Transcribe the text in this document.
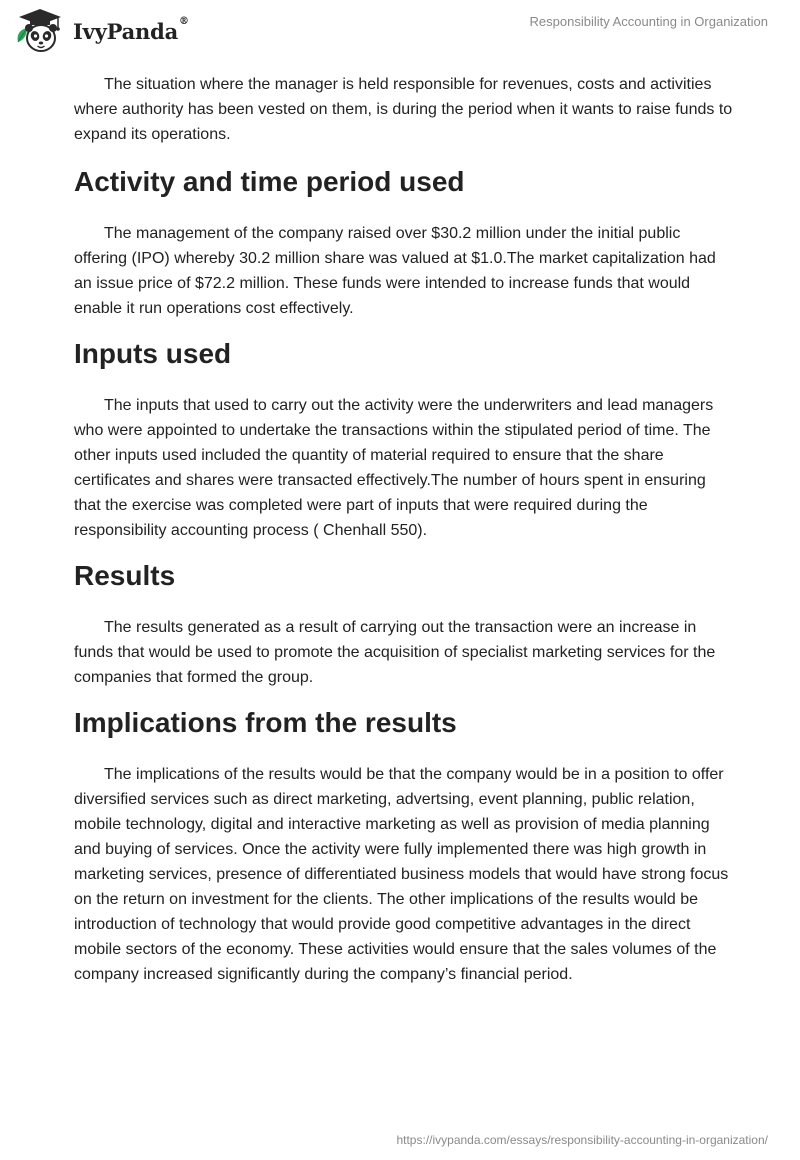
IvyPanda®	Responsibility Accounting in Organization

The situation where the manager is held responsible for revenues, costs and activities where authority has been vested on them, is during the period when it wants to raise funds to expand its operations.

Activity and time period used

The management of the company raised over $30.2 million under the initial public offering (IPO) whereby 30.2 million share was valued at $1.0.The market capitalization had an issue price of $72.2 million. These funds were intended to increase funds that would enable it run operations cost effectively.

Inputs used

The inputs that used to carry out the activity were the underwriters and lead managers who were appointed to undertake the transactions within the stipulated period of time. The other inputs used included the quantity of material required to ensure that the share certificates and shares were transacted effectively.The number of hours spent in ensuring that the exercise was completed were part of inputs that were required during the responsibility accounting process ( Chenhall 550).

Results

The results generated as a result of carrying out the transaction were an increase in funds that would be used to promote the acquisition of specialist marketing services for the companies that formed the group.

Implications from the results

The implications of the results would be that the company would be in a position to offer diversified services such as direct marketing, advertsing, event planning, public relation, mobile technology, digital and interactive marketing as well as provision of media planning and buying of services. Once the activity were fully implemented there was high growth in marketing services, presence of differentiated business models that would have strong focus on the return on investment for the clients. The other implications of the results would be introduction of technology that would provide good competitive advantages in the direct mobile sectors of the economy. These activities would ensure that the sales volumes of the company increased significantly during the company’s financial period.

https://ivypanda.com/essays/responsibility-accounting-in-organization/
